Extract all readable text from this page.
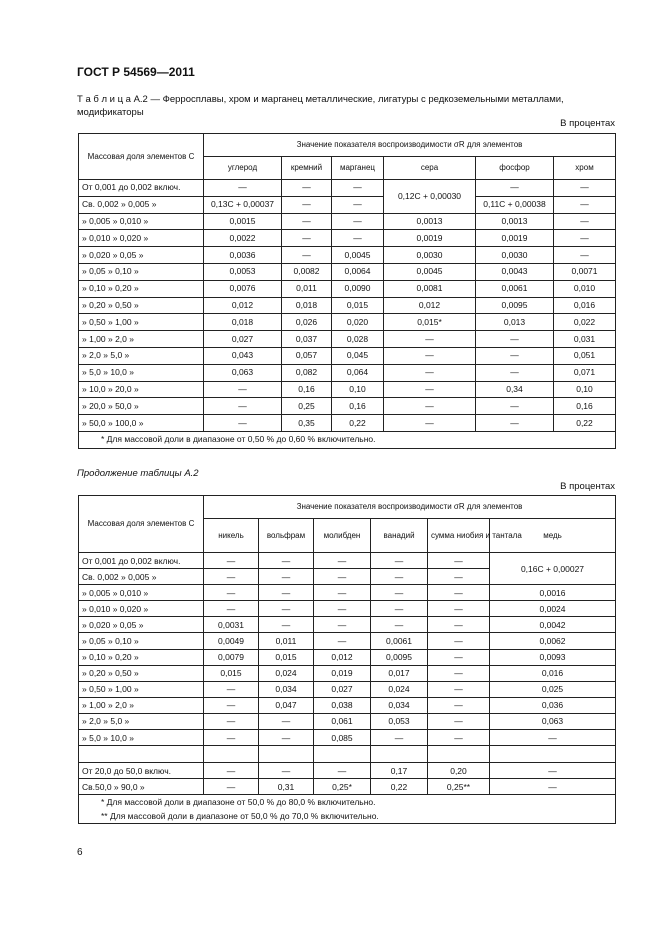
ГОСТ Р 54569—2011
Т а б л и ц а А.2 — Ферросплавы, хром и марганец металлические, лигатуры с редкоземельными металлами, модификаторы
В процентах
Массовая доля элементов С	Значение показателя воспроизводимости σR для элементов					
	углерод	кремний	марганец	сера	фосфор	хром
От 0,001 до 0,002 включ.	—	—	—	0,12С + 0,00030	—	—
Св. 0,002 » 0,005 »	0,13С + 0,00037	—	—		0,11С + 0,00038	—
» 0,005 » 0,010 »	0,0015	—	—	0,0013	0,0013	—
» 0,010 » 0,020 »	0,0022	—	—	0,0019	0,0019	—
» 0,020 » 0,05 »	0,0036	—	0,0045	0,0030	0,0030	—
» 0,05 » 0,10 »	0,0053	0,0082	0,0064	0,0045	0,0043	0,0071
» 0,10 » 0,20 »	0,0076	0,011	0,0090	0,0081	0,0061	0,010
» 0,20 » 0,50 »	0,012	0,018	0,015	0,012	0,0095	0,016
» 0,50 » 1,00 »	0,018	0,026	0,020	0,015*	0,013	0,022
» 1,00 » 2,0 »	0,027	0,037	0,028	—	—	0,031
» 2,0 » 5,0 »	0,043	0,057	0,045	—	—	0,051
» 5,0 » 10,0 »	0,063	0,082	0,064	—	—	0,071
» 10,0 » 20,0 »	—	0,16	0,10	—	0,34	0,10
» 20,0 » 50,0 »	—	0,25	0,16	—	—	0,16
» 50,0 » 100,0 »	—	0,35	0,22	—	—	0,22
* Для массовой доли в диапазоне от 0,50 % до 0,60 % включительно.						
Продолжение таблицы А.2
В процентах
Массовая доля элементов С	Значение показателя воспроизводимости σR для элементов					
	никель	вольфрам	молибден	ванадий	сумма ниобия и тантала	медь
От 0,001 до 0,002 включ.	—	—	—	—	—	0,16С + 0,00027
Св. 0,002 » 0,005 »	—	—	—	—	—	
» 0,005 » 0,010 »	—	—	—	—	—	0,0016
» 0,010 » 0,020 »	—	—	—	—	—	0,0024
» 0,020 » 0,05 »	0,0031	—	—	—	—	0,0042
» 0,05 » 0,10 »	0,0049	0,011	—	0,0061	—	0,0062
» 0,10 » 0,20 »	0,0079	0,015	0,012	0,0095	—	0,0093
» 0,20 » 0,50 »	0,015	0,024	0,019	0,017	—	0,016
» 0,50 » 1,00 »	—	0,034	0,027	0,024	—	0,025
» 1,00 » 2,0 »	—	0,047	0,038	0,034	—	0,036
» 2,0 » 5,0 »	—	—	0,061	0,053	—	0,063
» 5,0 » 10,0 »	—	—	0,085	—	—	—

От 20,0 до 50,0 включ.	—	—	—	0,17	0,20	—
Св.50,0 » 90,0 »	—	0,31	0,25*	0,22	0,25**	—
* Для массовой доли в диапазоне от 50,0 % до 80,0 % включительно.						
** Для массовой доли в диапазоне от 50,0 % до 70,0 % включительно.						
6
